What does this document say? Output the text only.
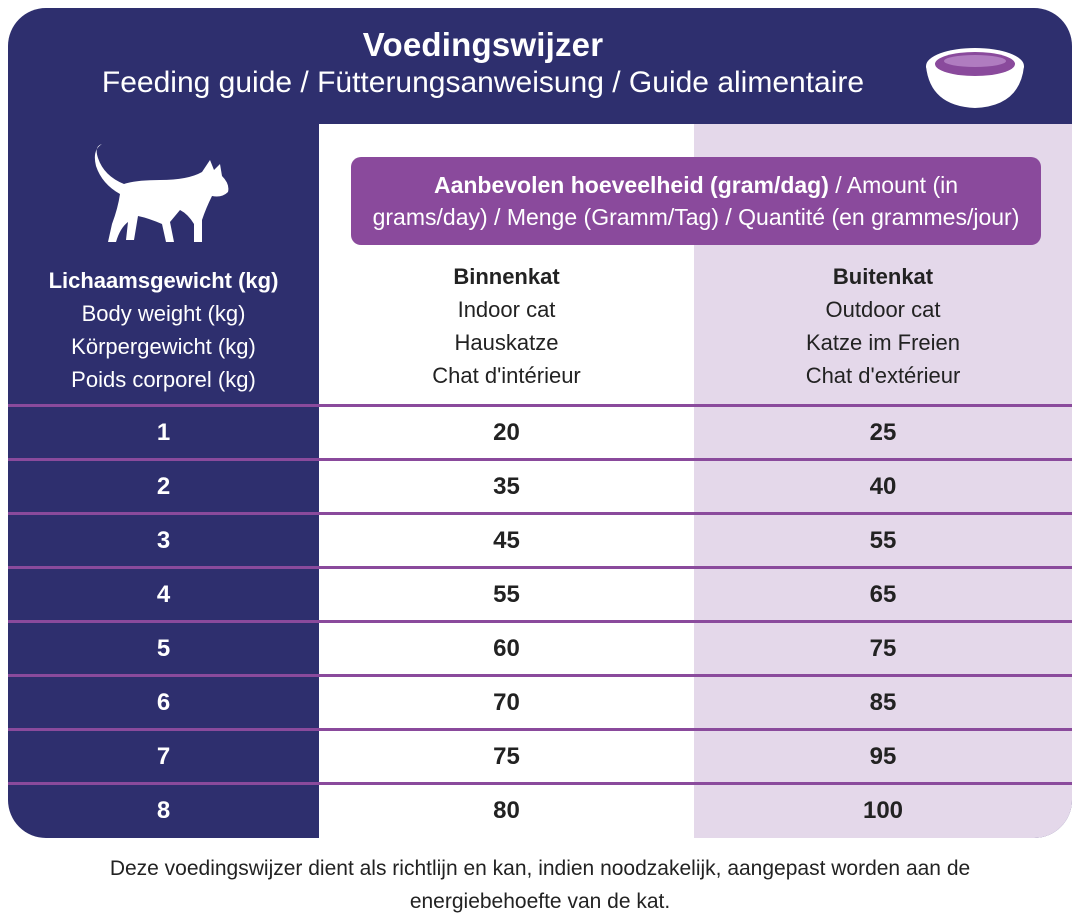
Voedingswijzer
Feeding guide / Fütterungsanweisung / Guide alimentaire
Lichaamsgewicht (kg)
Body weight (kg)
Körpergewicht (kg)
Poids corporel (kg)
Aanbevolen hoeveelheid (gram/dag) / Amount (in
grams/day) / Menge (Gramm/Tag) / Quantité (en grammes/jour)
Binnenkat
Indoor cat
Hauskatze
Chat d'intérieur
Buitenkat
Outdoor cat
Katze im Freien
Chat d'extérieur
1	20	25
2	35	40
3	45	55
4	55	65
5	60	75
6	70	85
7	75	95
8	80	100
Deze voedingswijzer dient als richtlijn en kan, indien noodzakelijk, aangepast worden aan de
energiebehoefte van de kat.
